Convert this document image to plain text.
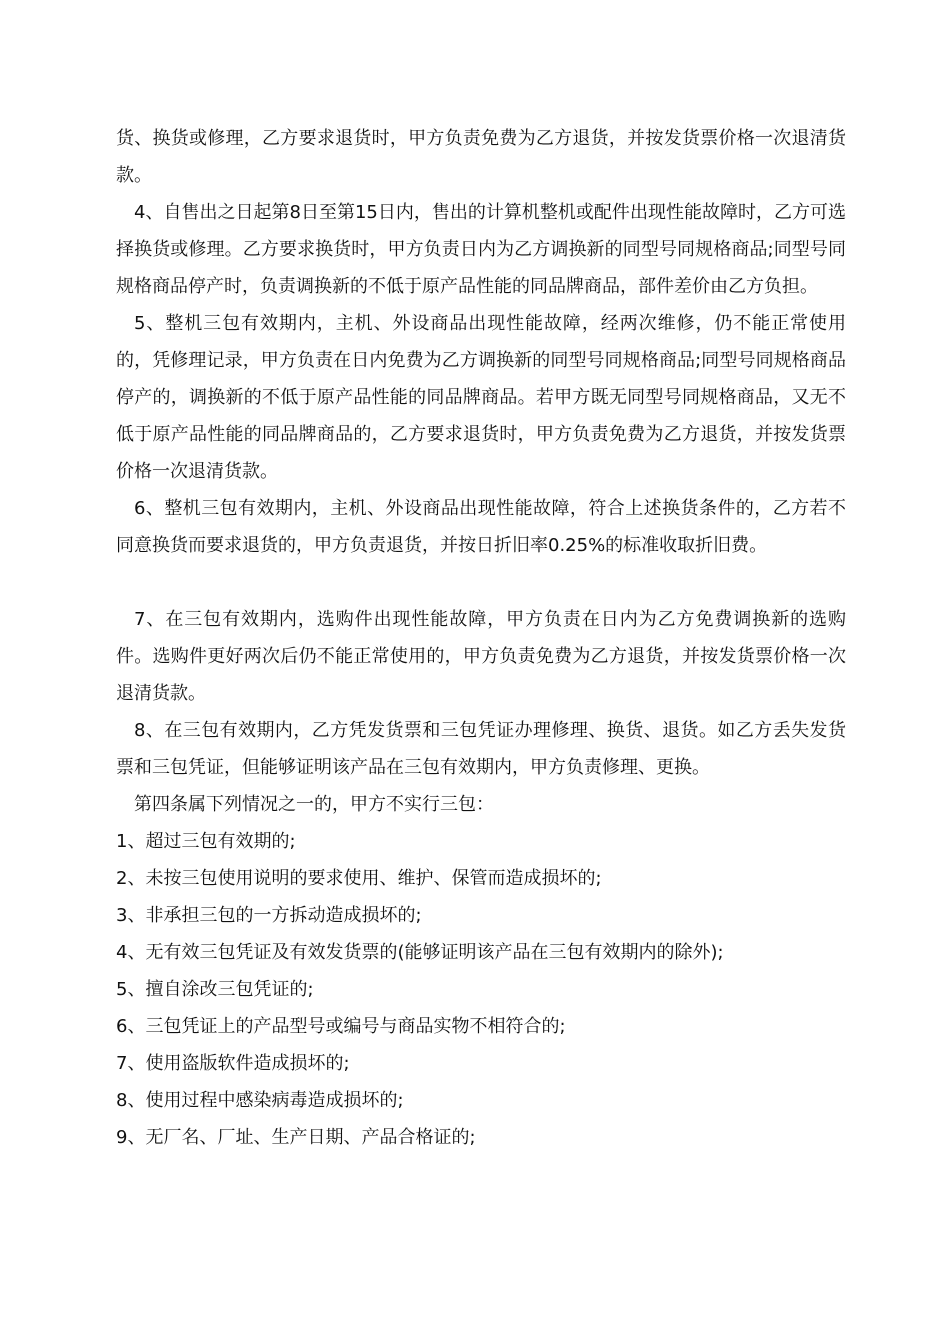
货、换货或修理，乙方要求退货时，甲方负责免费为乙方退货，并按发货票价格一次退清货款。

4、自售出之日起第8日至第15日内，售出的计算机整机或配件出现性能故障时，乙方可选择换货或修理。乙方要求换货时，甲方负责日内为乙方调换新的同型号同规格商品;同型号同规格商品停产时，负责调换新的不低于原产品性能的同品牌商品，部件差价由乙方负担。

5、整机三包有效期内，主机、外设商品出现性能故障，经两次维修，仍不能正常使用的，凭修理记录，甲方负责在日内免费为乙方调换新的同型号同规格商品;同型号同规格商品停产的，调换新的不低于原产品性能的同品牌商品。若甲方既无同型号同规格商品，又无不低于原产品性能的同品牌商品的，乙方要求退货时，甲方负责免费为乙方退货，并按发货票价格一次退清货款。

6、整机三包有效期内，主机、外设商品出现性能故障，符合上述换货条件的，乙方若不同意换货而要求退货的，甲方负责退货，并按日折旧率0.25%的标准收取折旧费。

7、在三包有效期内，选购件出现性能故障，甲方负责在日内为乙方免费调换新的选购件。选购件更好两次后仍不能正常使用的，甲方负责免费为乙方退货，并按发货票价格一次退清货款。

8、在三包有效期内，乙方凭发货票和三包凭证办理修理、换货、退货。如乙方丢失发货票和三包凭证，但能够证明该产品在三包有效期内，甲方负责修理、更换。

第四条属下列情况之一的，甲方不实行三包：

1、超过三包有效期的;

2、未按三包使用说明的要求使用、维护、保管而造成损坏的;

3、非承担三包的一方拆动造成损坏的;

4、无有效三包凭证及有效发货票的(能够证明该产品在三包有效期内的除外);

5、擅自涂改三包凭证的;

6、三包凭证上的产品型号或编号与商品实物不相符合的;

7、使用盗版软件造成损坏的;

8、使用过程中感染病毒造成损坏的;

9、无厂名、厂址、生产日期、产品合格证的;
